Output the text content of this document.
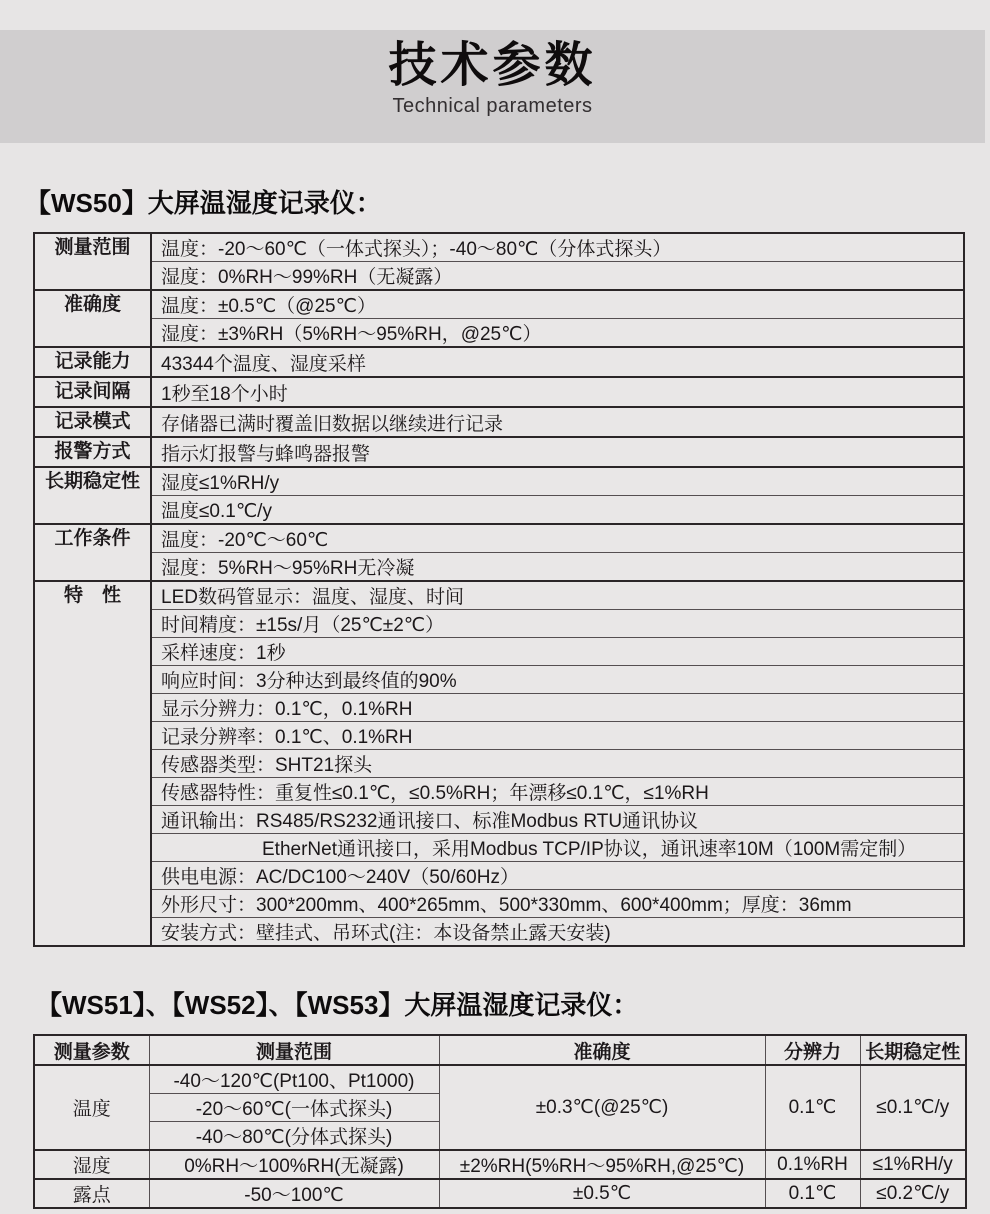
技术参数
Technical parameters
【WS50】大屏温湿度记录仪：
测量范围	温度：-20～60℃（一体式探头）；-40～80℃（分体式探头）
	湿度：0%RH～99%RH（无凝露）
准确度	温度：±0.5℃（@25℃）
	湿度：±3%RH（5%RH～95%RH，@25℃）
记录能力	43344个温度、湿度采样
记录间隔	1秒至18个小时
记录模式	存储器已满时覆盖旧数据以继续进行记录
报警方式	指示灯报警与蜂鸣器报警
长期稳定性	湿度≤1%RH/y
	温度≤0.1℃/y
工作条件	温度：-20℃～60℃
	湿度：5%RH～95%RH无冷凝
特　性	LED数码管显示：温度、湿度、时间
	时间精度：±15s/月（25℃±2℃）
	采样速度：1秒
	响应时间：3分种达到最终值的90%
	显示分辨力：0.1℃，0.1%RH
	记录分辨率：0.1℃、0.1%RH
	传感器类型：SHT21探头
	传感器特性：重复性≤0.1℃，≤0.5%RH；年漂移≤0.1℃，≤1%RH
	通讯输出：RS485/RS232通讯接口、标准Modbus RTU通讯协议
	EtherNet通讯接口，采用Modbus TCP/IP协议，通讯速率10M（100M需定制）
	供电电源：AC/DC100～240V（50/60Hz）
	外形尺寸：300*200mm、400*265mm、500*330mm、600*400mm；厚度：36mm
	安装方式：壁挂式、吊环式(注：本设备禁止露天安装)
【WS51】、【WS52】、【WS53】大屏温湿度记录仪：
测量参数	测量范围	准确度	分辨力	长期稳定性
温度	-40～120℃(Pt100、Pt1000)	±0.3℃(@25℃)	0.1℃	≤0.1℃/y
	-20～60℃(一体式探头)			
	-40～80℃(分体式探头)			
湿度	0%RH～100%RH(无凝露)	±2%RH(5%RH～95%RH,@25℃)	0.1%RH	≤1%RH/y
露点	-50～100℃	±0.5℃	0.1℃	≤0.2℃/y
